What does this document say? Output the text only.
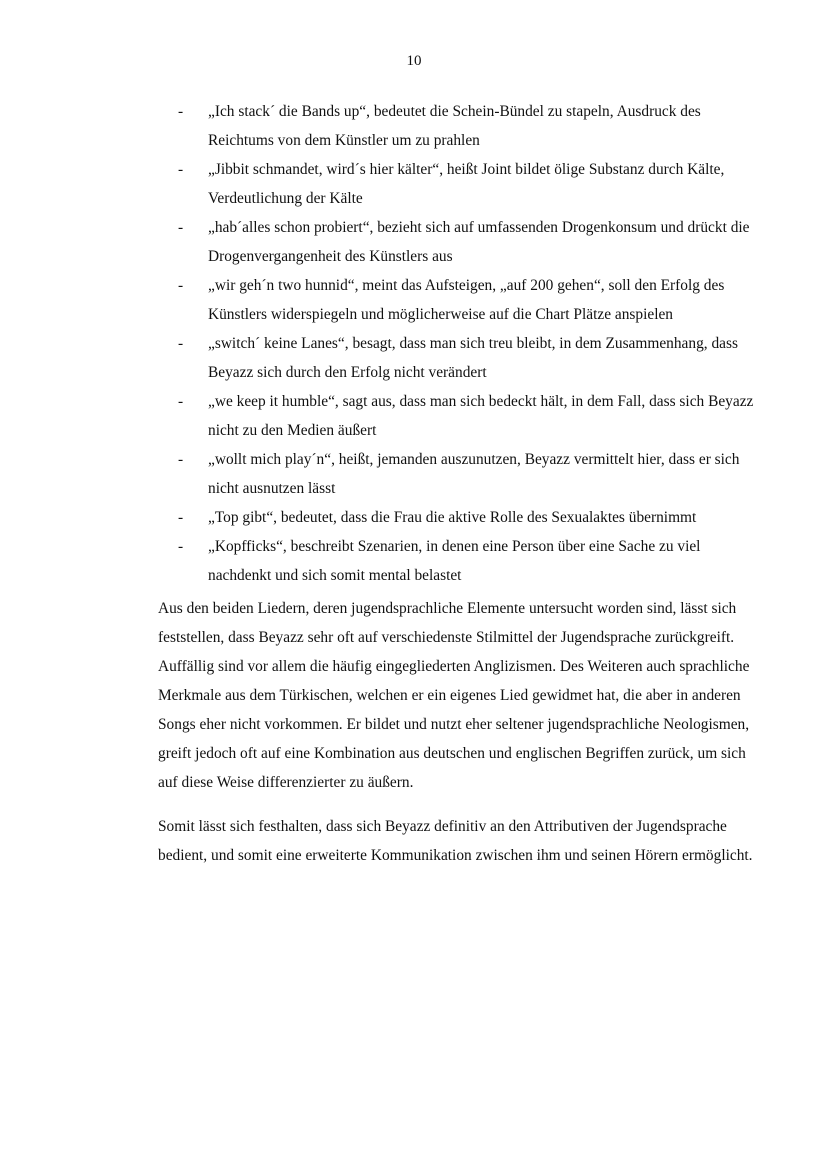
10
- „Ich stack´ die Bands up“, bedeutet die Schein-Bündel zu stapeln, Ausdruck des Reichtums von dem Künstler um zu prahlen
- „Jibbit schmandet, wird´s hier kälter“, heißt Joint bildet ölige Substanz durch Kälte, Verdeutlichung der Kälte
- „hab´alles schon probiert“, bezieht sich auf umfassenden Drogenkonsum und drückt die Drogenvergangenheit des Künstlers aus
- „wir geh´n two hunnid“, meint das Aufsteigen, „auf 200 gehen“, soll den Erfolg des Künstlers widerspiegeln und möglicherweise auf die Chart Plätze anspielen
- „switch´ keine Lanes“, besagt, dass man sich treu bleibt, in dem Zusammenhang, dass Beyazz sich durch den Erfolg nicht verändert
- „we keep it humble“, sagt aus, dass man sich bedeckt hält, in dem Fall, dass sich Beyazz nicht zu den Medien äußert
- „wollt mich play´n“, heißt, jemanden auszunutzen, Beyazz vermittelt hier, dass er sich nicht ausnutzen lässt
- „Top gibt“, bedeutet, dass die Frau die aktive Rolle des Sexualaktes übernimmt
- „Kopfficks“, beschreibt Szenarien, in denen eine Person über eine Sache zu viel nachdenkt und sich somit mental belastet

Aus den beiden Liedern, deren jugendsprachliche Elemente untersucht worden sind, lässt sich feststellen, dass Beyazz sehr oft auf verschiedenste Stilmittel der Jugendsprache zurückgreift. Auffällig sind vor allem die häufig eingegliederten Anglizismen. Des Weiteren auch sprachliche Merkmale aus dem Türkischen, welchen er ein eigenes Lied gewidmet hat, die aber in anderen Songs eher nicht vorkommen. Er bildet und nutzt eher seltener jugendsprachliche Neologismen, greift jedoch oft auf eine Kombination aus deutschen und englischen Begriffen zurück, um sich auf diese Weise differenzierter zu äußern.

Somit lässt sich festhalten, dass sich Beyazz definitiv an den Attributiven der Jugendsprache bedient, und somit eine erweiterte Kommunikation zwischen ihm und seinen Hörern ermöglicht.
